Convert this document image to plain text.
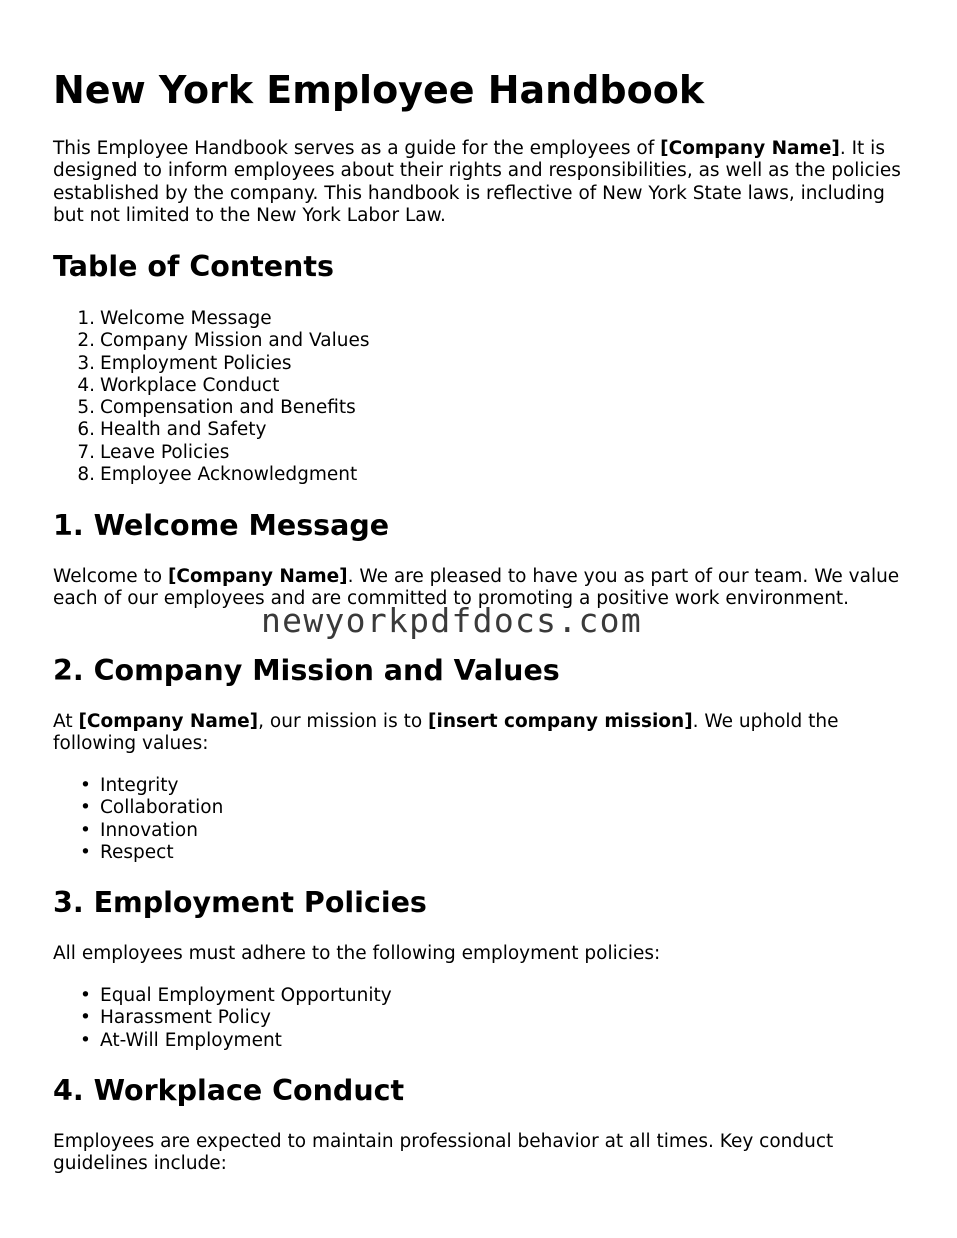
New York Employee Handbook

This Employee Handbook serves as a guide for the employees of [Company Name]. It is designed to inform employees about their rights and responsibilities, as well as the policies established by the company. This handbook is reflective of New York State laws, including but not limited to the New York Labor Law.

Table of Contents
1. Welcome Message
2. Company Mission and Values
3. Employment Policies
4. Workplace Conduct
5. Compensation and Benefits
6. Health and Safety
7. Leave Policies
8. Employee Acknowledgment
1. Welcome Message

Welcome to [Company Name]. We are pleased to have you as part of our team. We value each of our employees and are committed to promoting a positive work environment.

2. Company Mission and Values

At [Company Name], our mission is to [insert company mission]. We uphold the following values:

• Integrity
• Collaboration
• Innovation
• Respect
3. Employment Policies

All employees must adhere to the following employment policies:

• Equal Employment Opportunity
• Harassment Policy
• At-Will Employment
4. Workplace Conduct

Employees are expected to maintain professional behavior at all times. Key conduct guidelines include:

newyorkpdfdocs.com
